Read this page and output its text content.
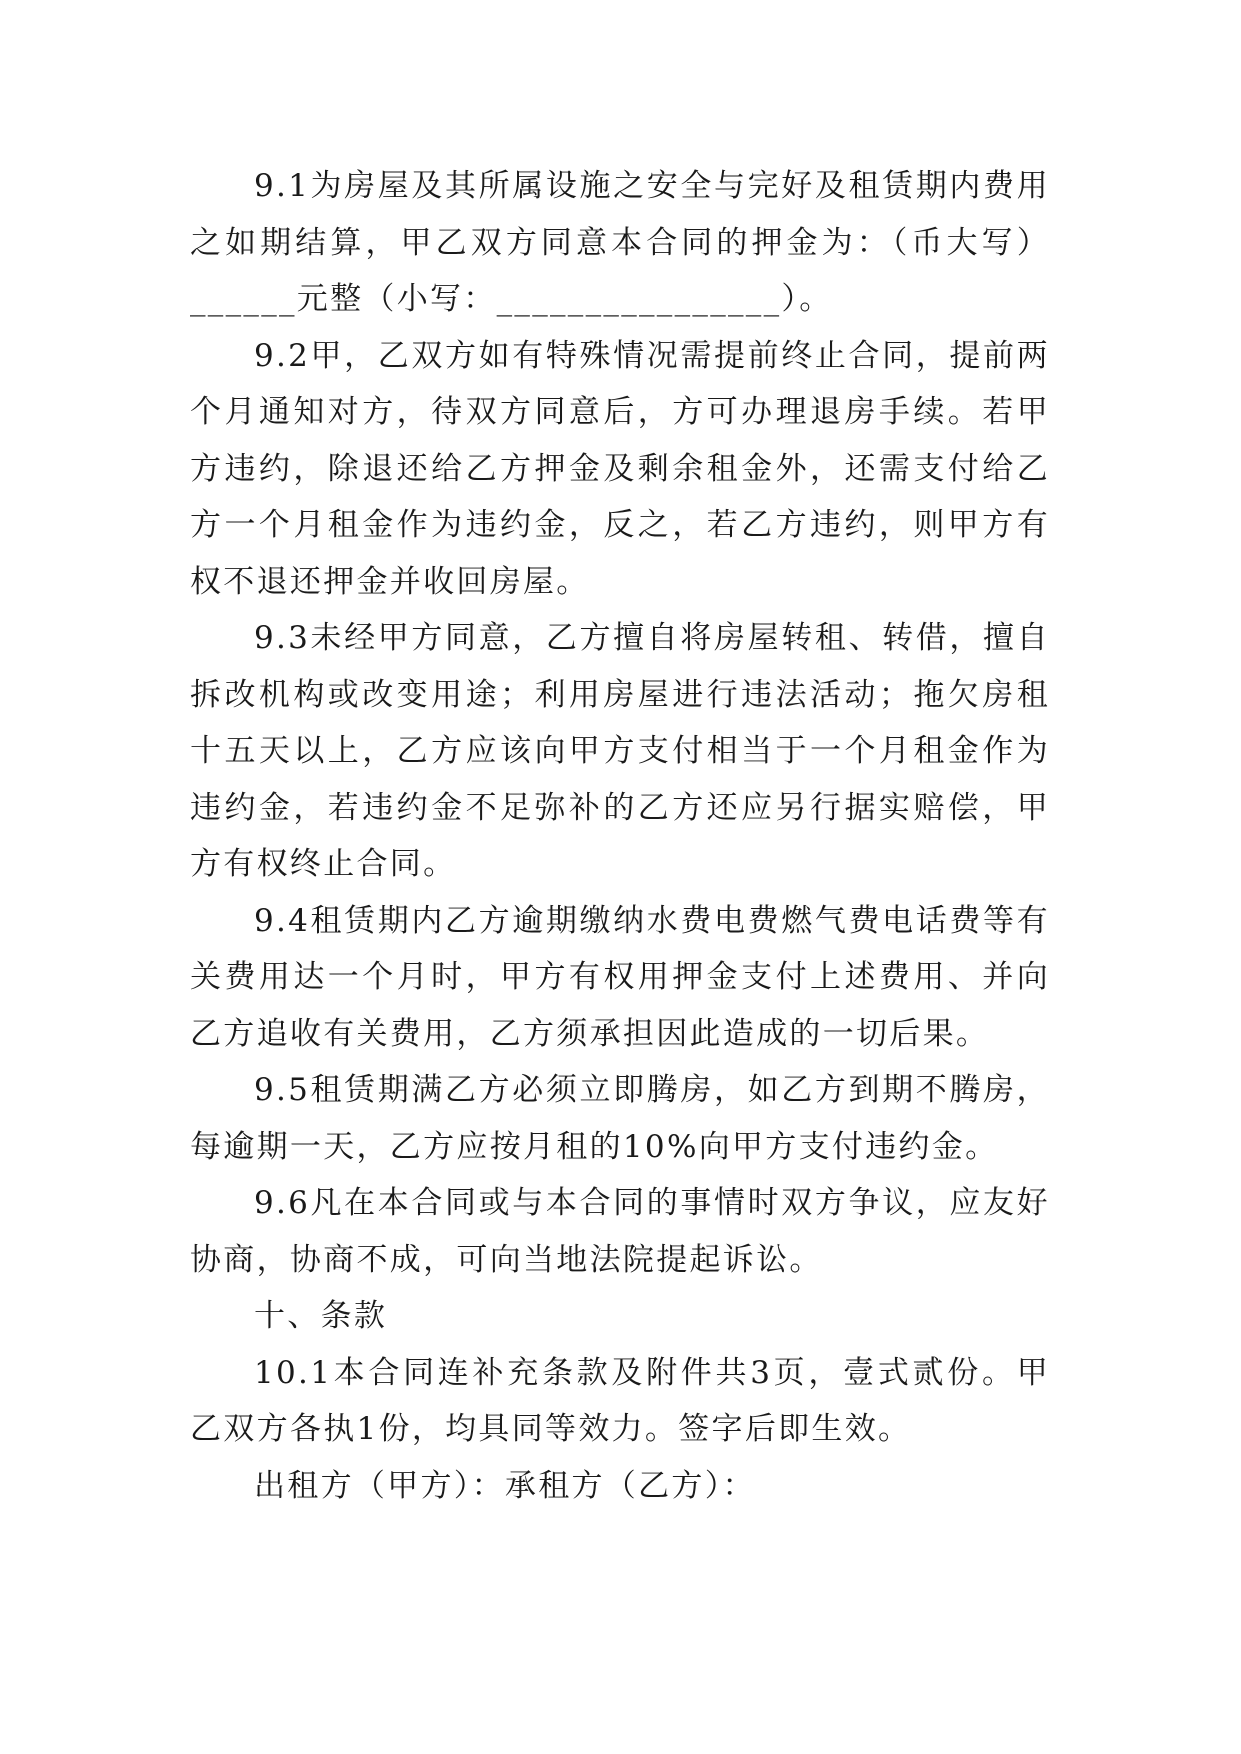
9.1为房屋及其所属设施之安全与完好及租赁期内费用之如期结算，甲乙双方同意本合同的押金为：（币大写）______元整（小写：________________）。

9.2甲，乙双方如有特殊情况需提前终止合同，提前两个月通知对方，待双方同意后，方可办理退房手续。若甲方违约，除退还给乙方押金及剩余租金外，还需支付给乙方一个月租金作为违约金，反之，若乙方违约，则甲方有权不退还押金并收回房屋。

9.3未经甲方同意，乙方擅自将房屋转租、转借，擅自拆改机构或改变用途；利用房屋进行违法活动；拖欠房租十五天以上，乙方应该向甲方支付相当于一个月租金作为违约金，若违约金不足弥补的乙方还应另行据实赔偿，甲方有权终止合同。

9.4租赁期内乙方逾期缴纳水费电费燃气费电话费等有关费用达一个月时，甲方有权用押金支付上述费用、并向乙方追收有关费用，乙方须承担因此造成的一切后果。

9.5租赁期满乙方必须立即腾房，如乙方到期不腾房，每逾期一天，乙方应按月租的10%向甲方支付违约金。

9.6凡在本合同或与本合同的事情时双方争议，应友好协商，协商不成，可向当地法院提起诉讼。

十、条款

10.1本合同连补充条款及附件共3页，壹式贰份。甲乙双方各执1份，均具同等效力。签字后即生效。

出租方（甲方）：承租方（乙方）：
